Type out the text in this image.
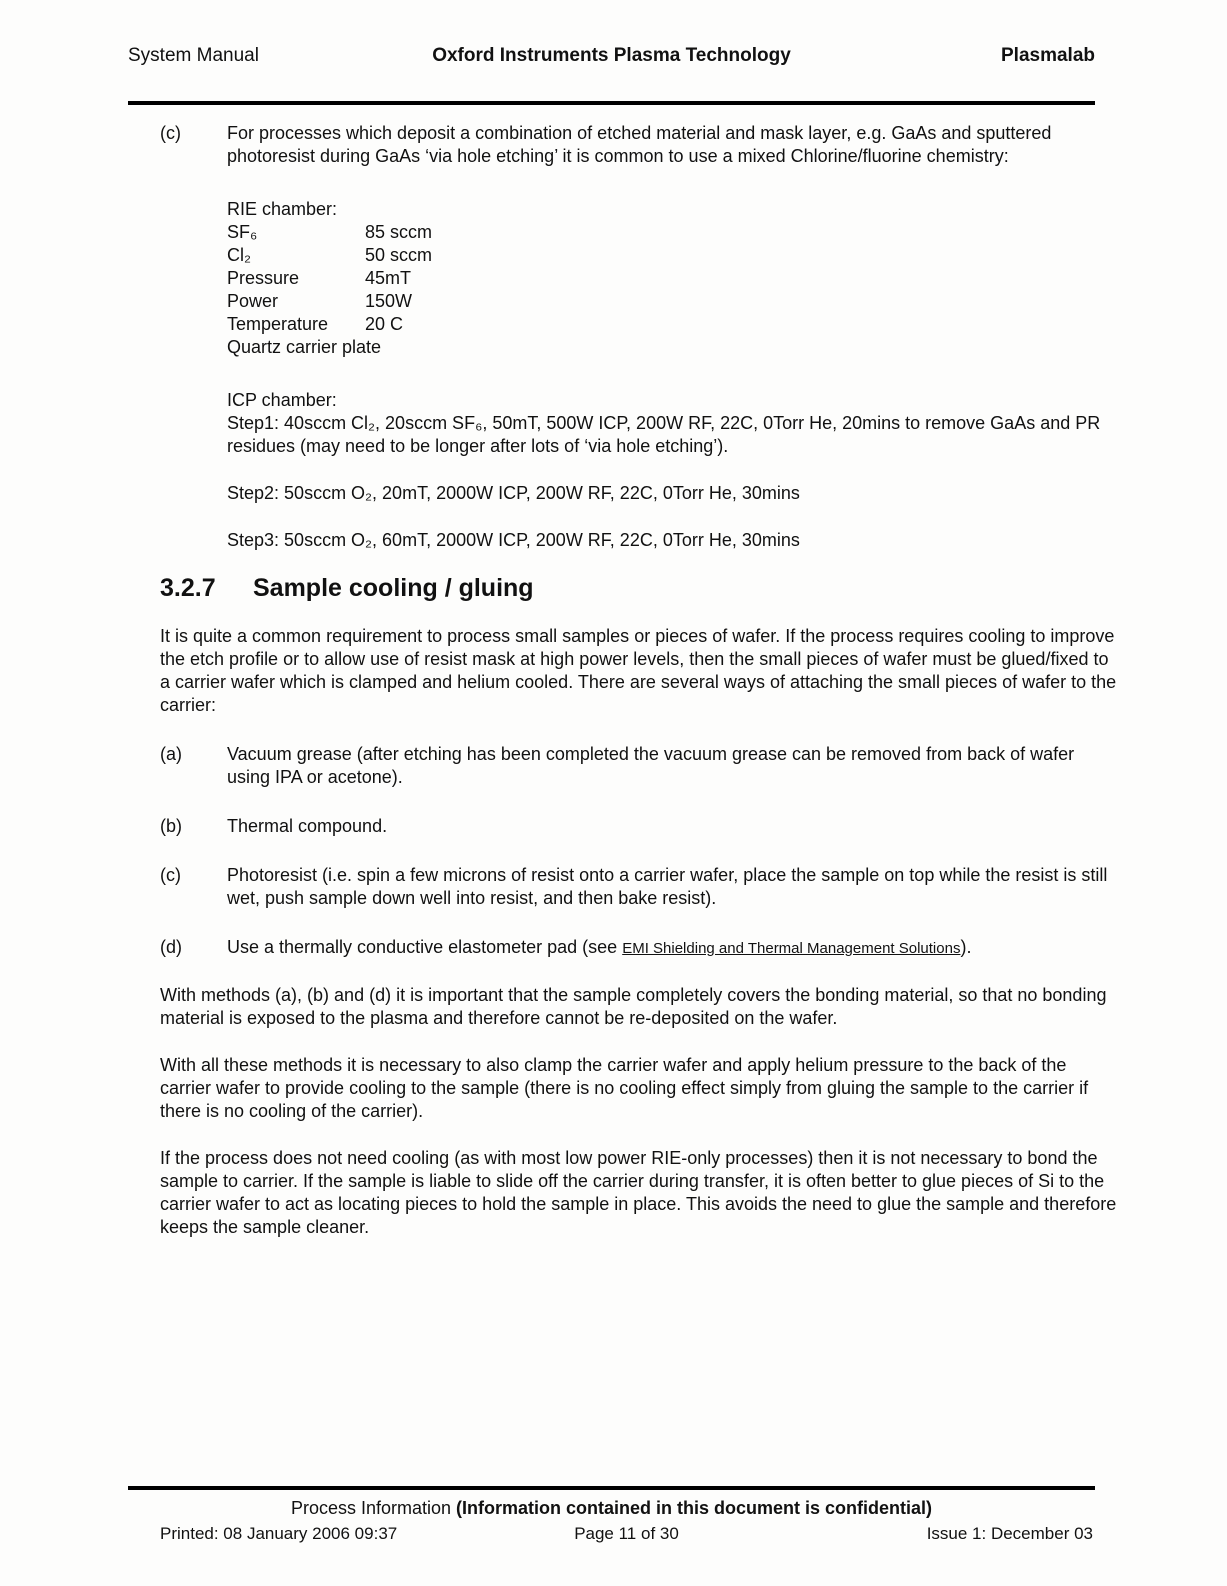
System Manual	Oxford Instruments Plasma Technology	Plasmalab
(c)	For processes which deposit a combination of etched material and mask layer, e.g. GaAs and sputtered photoresist during GaAs ‘via hole etching’ it is common to use a mixed Chlorine/fluorine chemistry:
RIE chamber:
SF₆	85 sccm
Cl₂	50 sccm
Pressure	45mT
Power	150W
Temperature	20 C
Quartz carrier plate
ICP chamber:
Step1: 40sccm Cl₂, 20sccm SF₆, 50mT, 500W ICP, 200W RF, 22C, 0Torr He, 20mins to remove GaAs and PR residues (may need to be longer after lots of ‘via hole etching’).
Step2: 50sccm O₂, 20mT, 2000W ICP, 200W RF, 22C, 0Torr He, 30mins
Step3: 50sccm O₂, 60mT, 2000W ICP, 200W RF, 22C, 0Torr He, 30mins
3.2.7	Sample cooling / gluing
It is quite a common requirement to process small samples or pieces of wafer. If the process requires cooling to improve the etch profile or to allow use of resist mask at high power levels, then the small pieces of wafer must be glued/fixed to a carrier wafer which is clamped and helium cooled. There are several ways of attaching the small pieces of wafer to the carrier:
(a)	Vacuum grease (after etching has been completed the vacuum grease can be removed from back of wafer using IPA or acetone).
(b)	Thermal compound.
(c)	Photoresist (i.e. spin a few microns of resist onto a carrier wafer, place the sample on top while the resist is still wet, push sample down well into resist, and then bake resist).
(d)	Use a thermally conductive elastometer pad (see EMI Shielding and Thermal Management Solutions).
With methods (a), (b) and (d) it is important that the sample completely covers the bonding material, so that no bonding material is exposed to the plasma and therefore cannot be re-deposited on the wafer.
With all these methods it is necessary to also clamp the carrier wafer and apply helium pressure to the back of the carrier wafer to provide cooling to the sample (there is no cooling effect simply from gluing the sample to the carrier if there is no cooling of the carrier).
If the process does not need cooling (as with most low power RIE-only processes) then it is not necessary to bond the sample to carrier. If the sample is liable to slide off the carrier during transfer, it is often better to glue pieces of Si to the carrier wafer to act as locating pieces to hold the sample in place. This avoids the need to glue the sample and therefore keeps the sample cleaner.
Process Information (Information contained in this document is confidential)
Printed: 08 January 2006 09:37	Page 11 of 30	Issue 1: December 03
